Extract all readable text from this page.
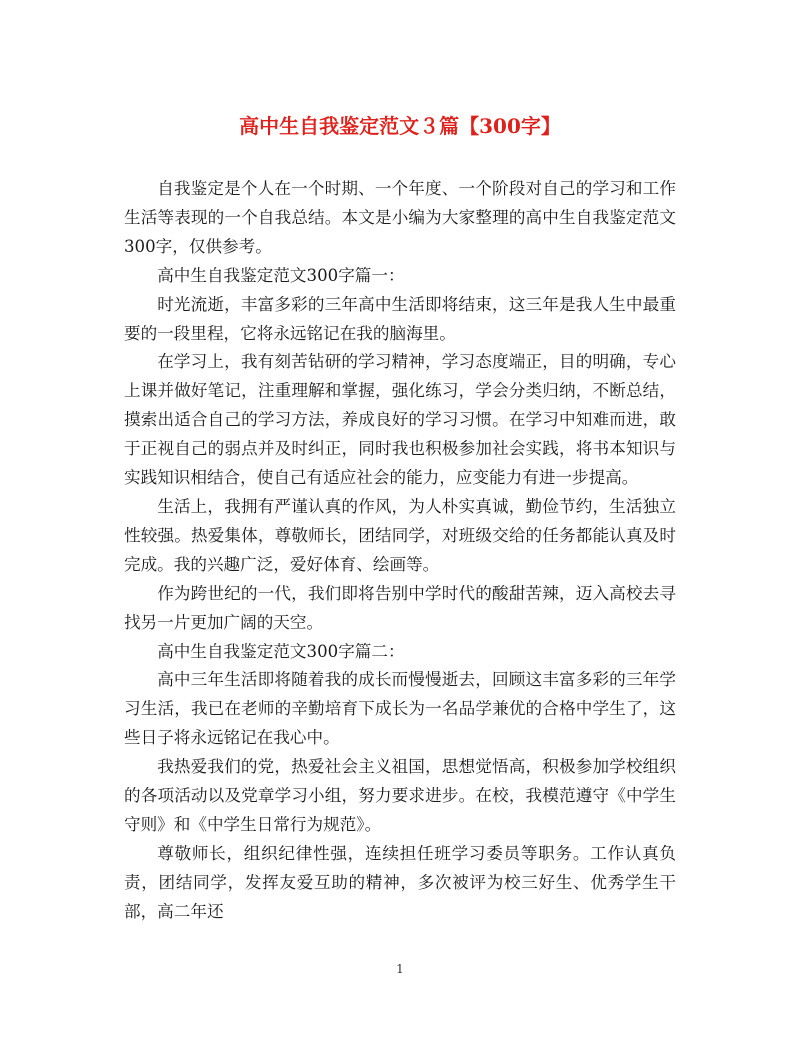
高中生自我鉴定范文３篇【300字】

自我鉴定是个人在一个时期、一个年度、一个阶段对自己的学习和工作生活等表现的一个自我总结。本文是小编为大家整理的高中生自我鉴定范文300字，仅供参考。

高中生自我鉴定范文300字篇一：

时光流逝，丰富多彩的三年高中生活即将结束，这三年是我人生中最重要的一段里程，它将永远铭记在我的脑海里。

在学习上，我有刻苦钻研的学习精神，学习态度端正，目的明确，专心上课并做好笔记，注重理解和掌握，强化练习，学会分类归纳，不断总结，摸索出适合自己的学习方法，养成良好的学习习惯。在学习中知难而进，敢于正视自己的弱点并及时纠正，同时我也积极参加社会实践，将书本知识与实践知识相结合，使自己有适应社会的能力，应变能力有进一步提高。

生活上，我拥有严谨认真的作风，为人朴实真诚，勤俭节约，生活独立性较强。热爱集体，尊敬师长，团结同学，对班级交给的任务都能认真及时完成。我的兴趣广泛，爱好体育、绘画等。

作为跨世纪的一代，我们即将告别中学时代的酸甜苦辣，迈入高校去寻找另一片更加广阔的天空。

高中生自我鉴定范文300字篇二：

高中三年生活即将随着我的成长而慢慢逝去，回顾这丰富多彩的三年学习生活，我已在老师的辛勤培育下成长为一名品学兼优的合格中学生了，这些日子将永远铭记在我心中。

我热爱我们的党，热爱社会主义祖国，思想觉悟高，积极参加学校组织的各项活动以及党章学习小组，努力要求进步。在校，我模范遵守《中学生守则》和《中学生日常行为规范》。

尊敬师长，组织纪律性强，连续担任班学习委员等职务。工作认真负责，团结同学，发挥友爱互助的精神，多次被评为校三好生、优秀学生干部，高二年还

1
